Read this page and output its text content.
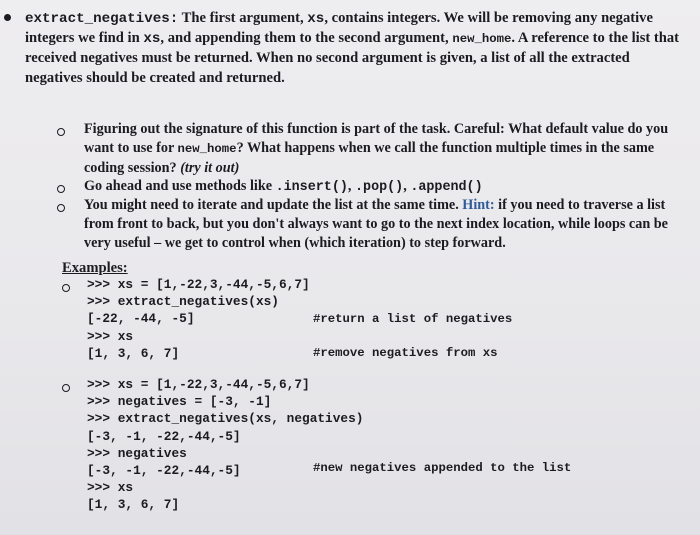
extract_negatives: The first argument, xs, contains integers. We will be removing any negative integers we find in xs, and appending them to the second argument, new_home. A reference to the list that received negatives must be returned. When no second argument is given, a list of all the extracted negatives should be created and returned.
Figuring out the signature of this function is part of the task. Careful: What default value do you want to use for new_home? What happens when we call the function multiple times in the same coding session? (try it out)
Go ahead and use methods like .insert(), .pop(), .append()
You might need to iterate and update the list at the same time. Hint: if you need to traverse a list from front to back, but you don't always want to go to the next index location, while loops can be very useful – we get to control when (which iteration) to step forward.
Examples:
>>> xs = [1,-22,3,-44,-5,6,7]
>>> extract_negatives(xs)
[-22, -44, -5]
>>> xs
[1, 3, 6, 7]
#return a list of negatives
#remove negatives from xs
>>> xs = [1,-22,3,-44,-5,6,7]
>>> negatives = [-3, -1]
>>> extract_negatives(xs, negatives)
[-3, -1, -22,-44,-5]
>>> negatives
[-3, -1, -22,-44,-5]
>>> xs
[1, 3, 6, 7]
#new negatives appended to the list
